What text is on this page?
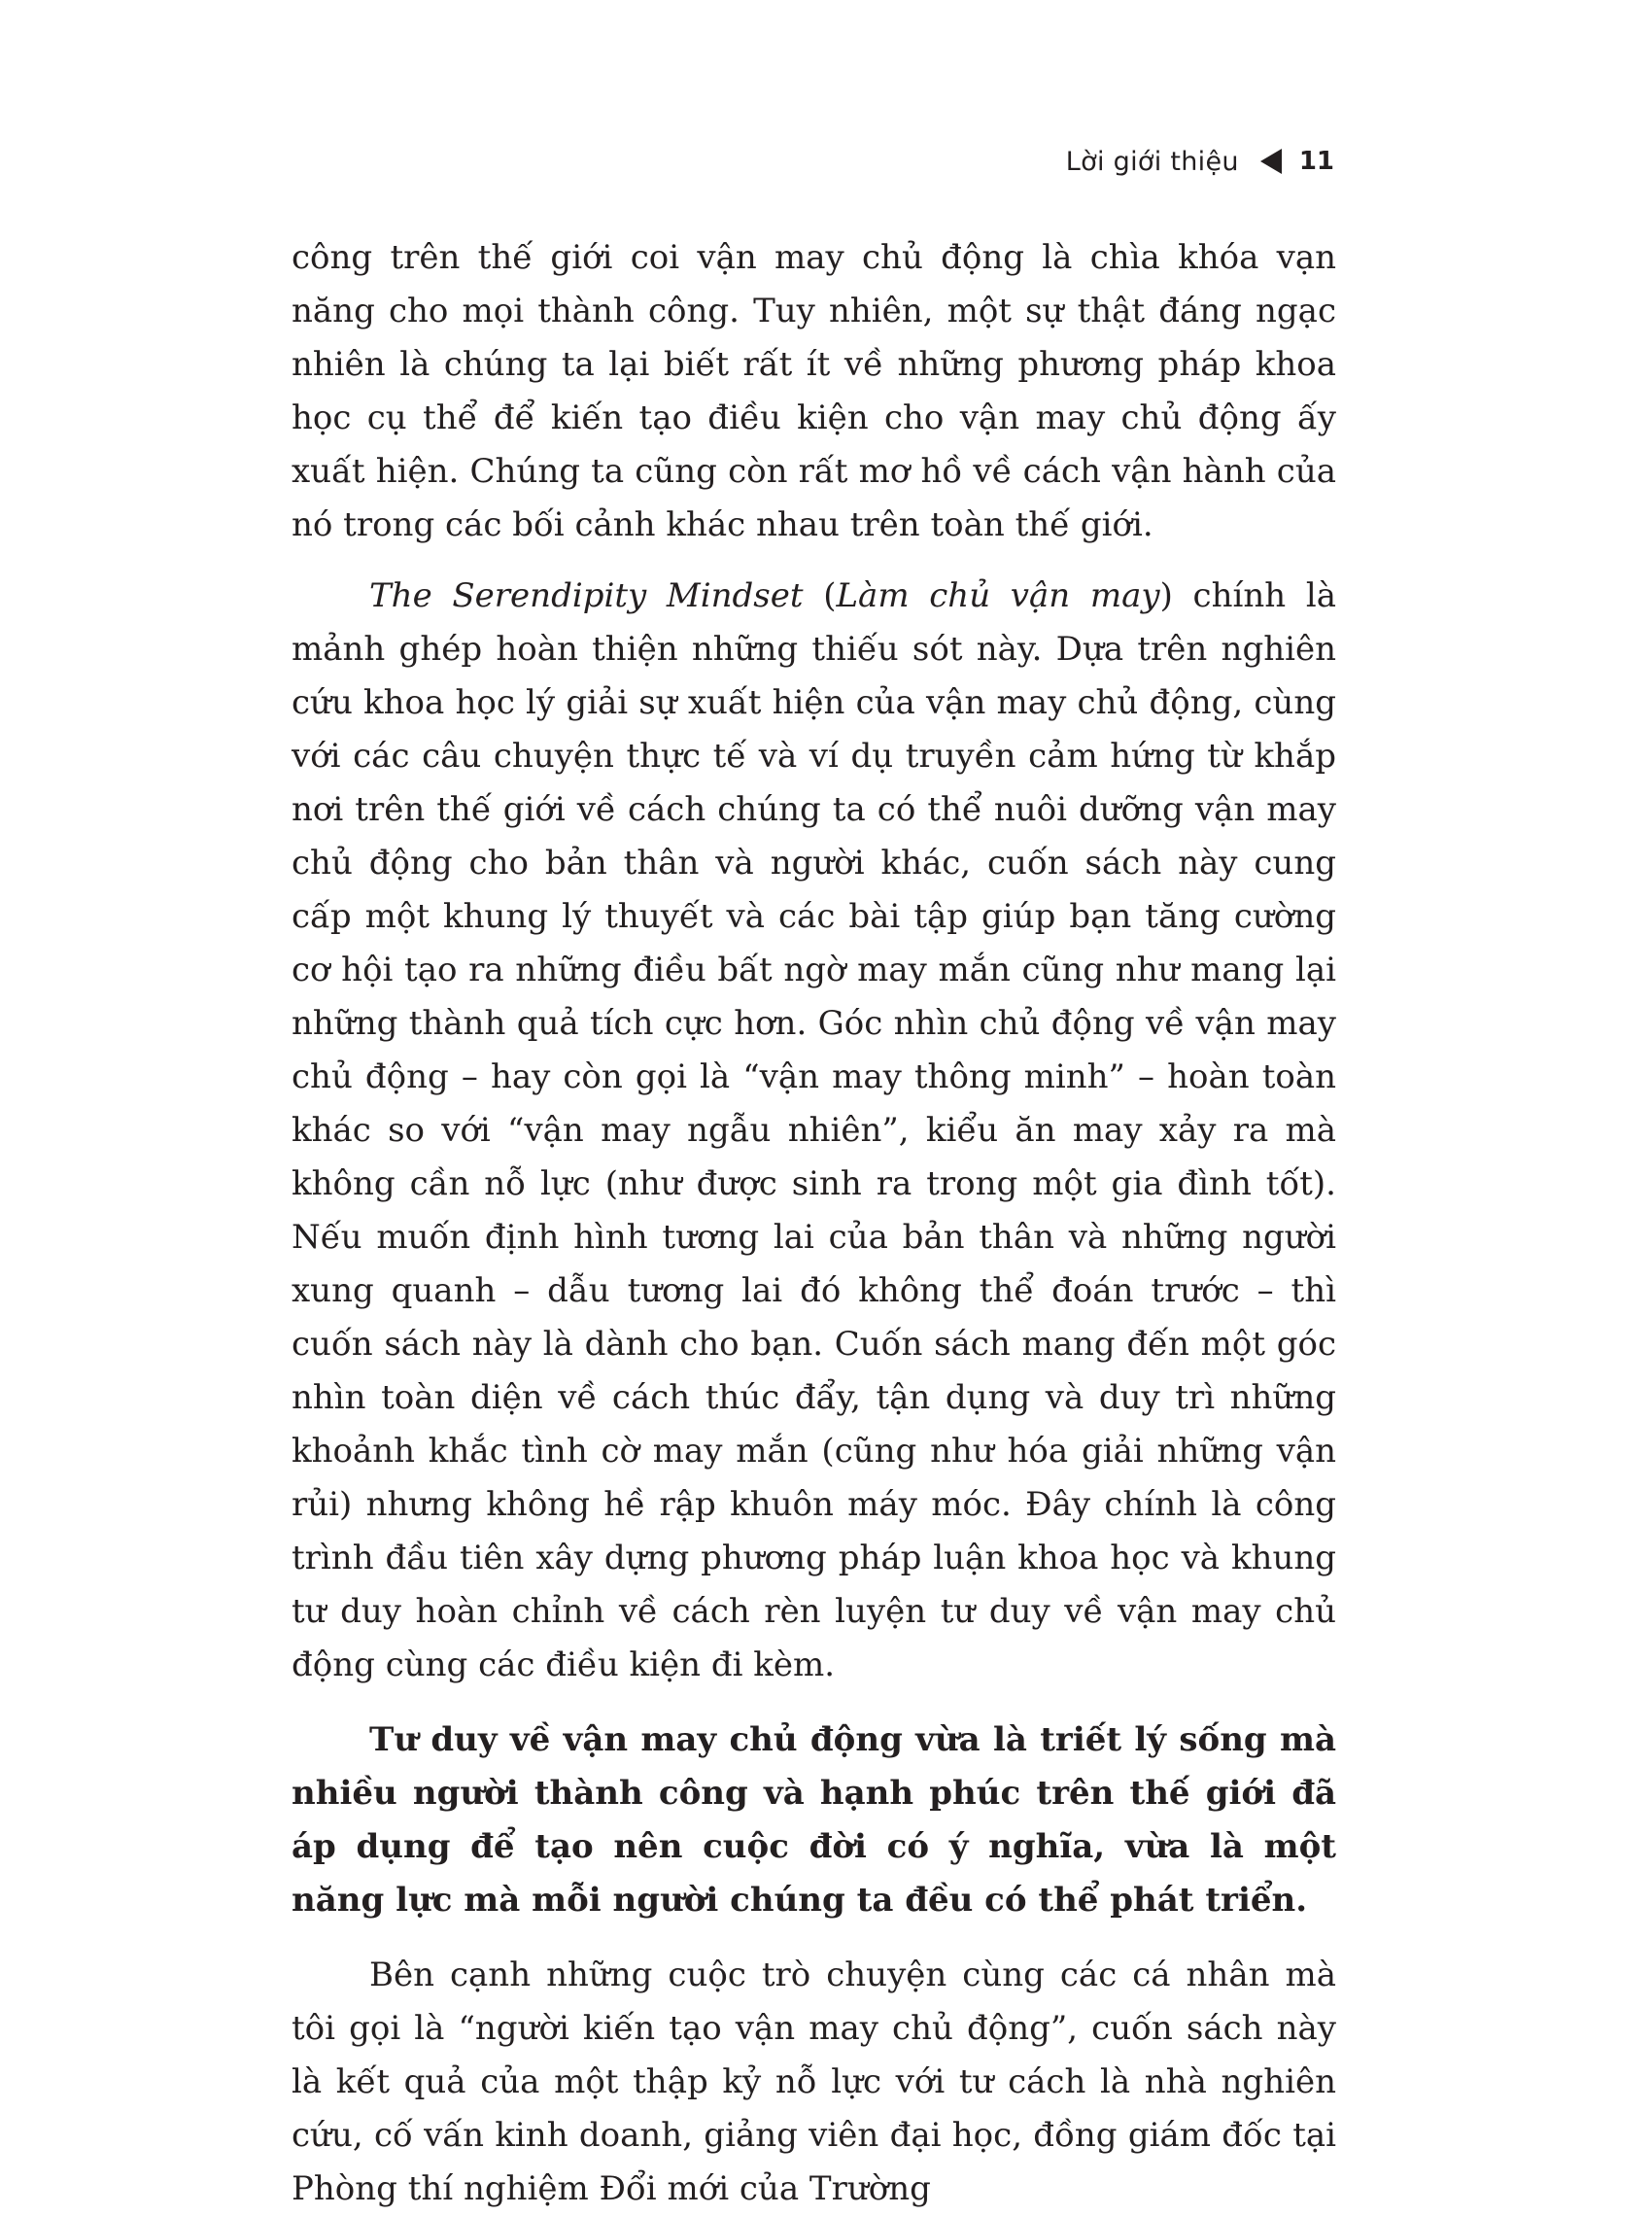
Lời giới thiệu 11

công trên thế giới coi vận may chủ động là chìa khóa vạn năng cho mọi thành công. Tuy nhiên, một sự thật đáng ngạc nhiên là chúng ta lại biết rất ít về những phương pháp khoa học cụ thể để kiến tạo điều kiện cho vận may chủ động ấy xuất hiện. Chúng ta cũng còn rất mơ hồ về cách vận hành của nó trong các bối cảnh khác nhau trên toàn thế giới.

The Serendipity Mindset (Làm chủ vận may) chính là mảnh ghép hoàn thiện những thiếu sót này. Dựa trên nghiên cứu khoa học lý giải sự xuất hiện của vận may chủ động, cùng với các câu chuyện thực tế và ví dụ truyền cảm hứng từ khắp nơi trên thế giới về cách chúng ta có thể nuôi dưỡng vận may chủ động cho bản thân và người khác, cuốn sách này cung cấp một khung lý thuyết và các bài tập giúp bạn tăng cường cơ hội tạo ra những điều bất ngờ may mắn cũng như mang lại những thành quả tích cực hơn. Góc nhìn chủ động về vận may chủ động – hay còn gọi là “vận may thông minh” – hoàn toàn khác so với “vận may ngẫu nhiên”, kiểu ăn may xảy ra mà không cần nỗ lực (như được sinh ra trong một gia đình tốt). Nếu muốn định hình tương lai của bản thân và những người xung quanh – dẫu tương lai đó không thể đoán trước – thì cuốn sách này là dành cho bạn. Cuốn sách mang đến một góc nhìn toàn diện về cách thúc đẩy, tận dụng và duy trì những khoảnh khắc tình cờ may mắn (cũng như hóa giải những vận rủi) nhưng không hề rập khuôn máy móc. Đây chính là công trình đầu tiên xây dựng phương pháp luận khoa học và khung tư duy hoàn chỉnh về cách rèn luyện tư duy về vận may chủ động cùng các điều kiện đi kèm.

Tư duy về vận may chủ động vừa là triết lý sống mà nhiều người thành công và hạnh phúc trên thế giới đã áp dụng để tạo nên cuộc đời có ý nghĩa, vừa là một năng lực mà mỗi người chúng ta đều có thể phát triển.

Bên cạnh những cuộc trò chuyện cùng các cá nhân mà tôi gọi là “người kiến tạo vận may chủ động”, cuốn sách này là kết quả của một thập kỷ nỗ lực với tư cách là nhà nghiên cứu, cố vấn kinh doanh, giảng viên đại học, đồng giám đốc tại Phòng thí nghiệm Đổi mới của Trường
